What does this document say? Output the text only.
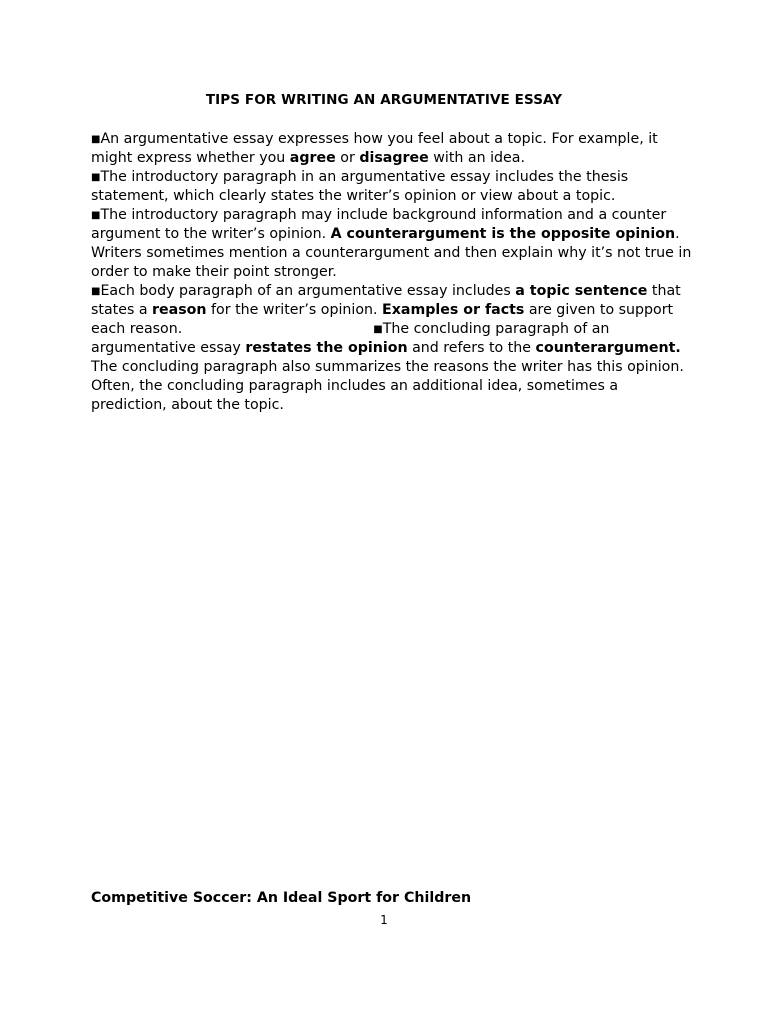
TIPS FOR WRITING AN ARGUMENTATIVE ESSAY
■An argumentative essay expresses how you feel about a topic. For example, it
might express whether you agree or disagree with an idea.
■The introductory paragraph in an argumentative essay includes the thesis
statement, which clearly states the writer’s opinion or view about a topic.
■The introductory paragraph may include background information and a counter
argument to the writer’s opinion. A counterargument is the opposite opinion.
Writers sometimes mention a counterargument and then explain why it’s not true in
order to make their point stronger.
■Each body paragraph of an argumentative essay includes a topic sentence that
states a reason for the writer’s opinion. Examples or facts are given to support
each reason.	■The concluding paragraph of an
argumentative essay restates the opinion and refers to the counterargument.
The concluding paragraph also summarizes the reasons the writer has this opinion.
Often, the concluding paragraph includes an additional idea, sometimes a
prediction, about the topic.
Competitive Soccer: An Ideal Sport for Children
1
